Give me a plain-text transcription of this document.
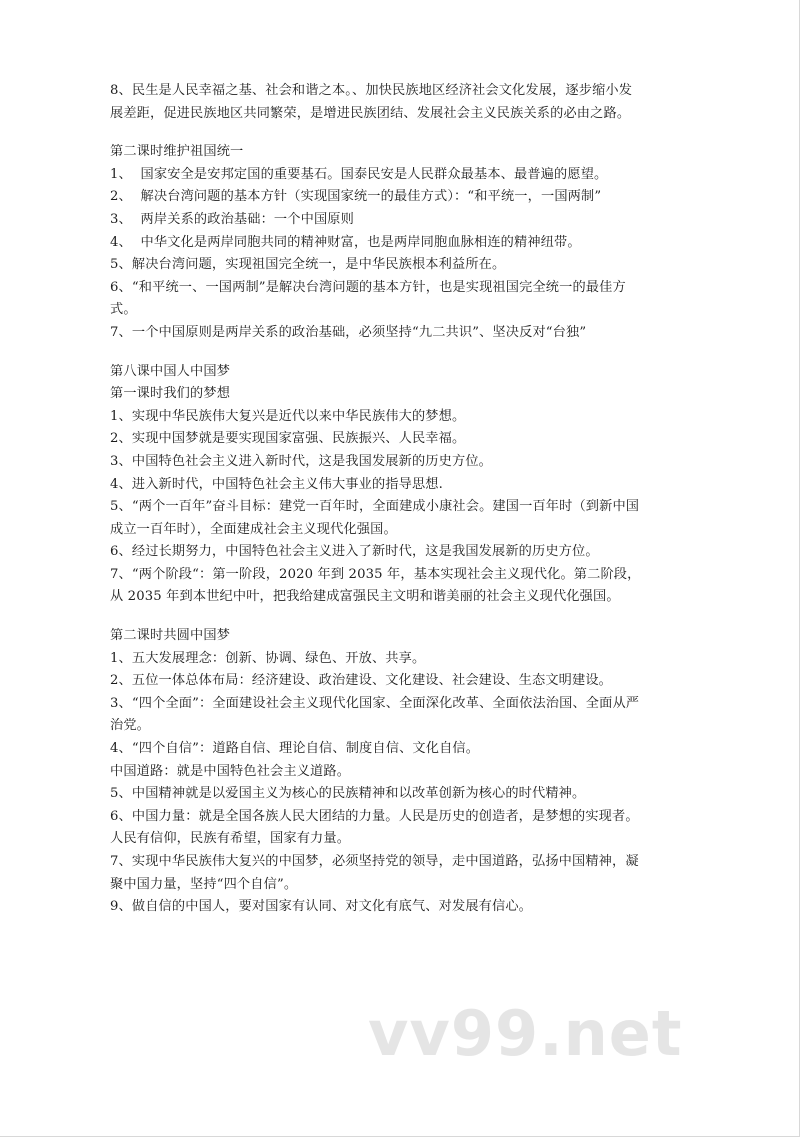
8、民生是人民幸福之基、社会和谐之本。、加快民族地区经济社会文化发展，逐步缩小发

展差距，促进民族地区共同繁荣，是增进民族团结、发展社会主义民族关系的必由之路。

第二课时维护祖国统一

1、  国家安全是安邦定国的重要基石。国泰民安是人民群众最基本、最普遍的愿望。

2、  解决台湾问题的基本方针（实现国家统一的最佳方式）：“和平统一，一国两制”

3、  两岸关系的政治基础：一个中国原则

4、  中华文化是两岸同胞共同的精神财富，也是两岸同胞血脉相连的精神纽带。

5、解决台湾问题，实现祖国完全统一，是中华民族根本利益所在。

6、“和平统一、一国两制”是解决台湾问题的基本方针，也是实现祖国完全统一的最佳方

式。

7、一个中国原则是两岸关系的政治基础，必须坚持“九二共识”、坚决反对“台独”

第八课中国人中国梦

第一课时我们的梦想

1、实现中华民族伟大复兴是近代以来中华民族伟大的梦想。

2、实现中国梦就是要实现国家富强、民族振兴、人民幸福。

3、中国特色社会主义进入新时代，这是我国发展新的历史方位。

4、进入新时代，中国特色社会主义伟大事业的指导思想.

5、“两个一百年”奋斗目标：建党一百年时，全面建成小康社会。建国一百年时（到新中国

成立一百年时），全面建成社会主义现代化强国。

6、经过长期努力，中国特色社会主义进入了新时代，这是我国发展新的历史方位。

7、“两个阶段“：第一阶段，2020 年到 2035 年，基本实现社会主义现代化。第二阶段，

从 2035 年到本世纪中叶，把我给建成富强民主文明和谐美丽的社会主义现代化强国。

第二课时共圆中国梦

1、五大发展理念：创新、协调、绿色、开放、共享。

2、五位一体总体布局：经济建设、政治建设、文化建设、社会建设、生态文明建设。

3、“四个全面”：全面建设社会主义现代化国家、全面深化改革、全面依法治国、全面从严

治党。

4、“四个自信”：道路自信、理论自信、制度自信、文化自信。

中国道路：就是中国特色社会主义道路。

5、中国精神就是以爱国主义为核心的民族精神和以改革创新为核心的时代精神。

6、中国力量：就是全国各族人民大团结的力量。人民是历史的创造者，是梦想的实现者。

人民有信仰，民族有希望，国家有力量。

7、实现中华民族伟大复兴的中国梦，必须坚持党的领导，走中国道路，弘扬中国精神，凝

聚中国力量，坚持“四个自信”。

9、做自信的中国人，要对国家有认同、对文化有底气、对发展有信心。

vv99.net
